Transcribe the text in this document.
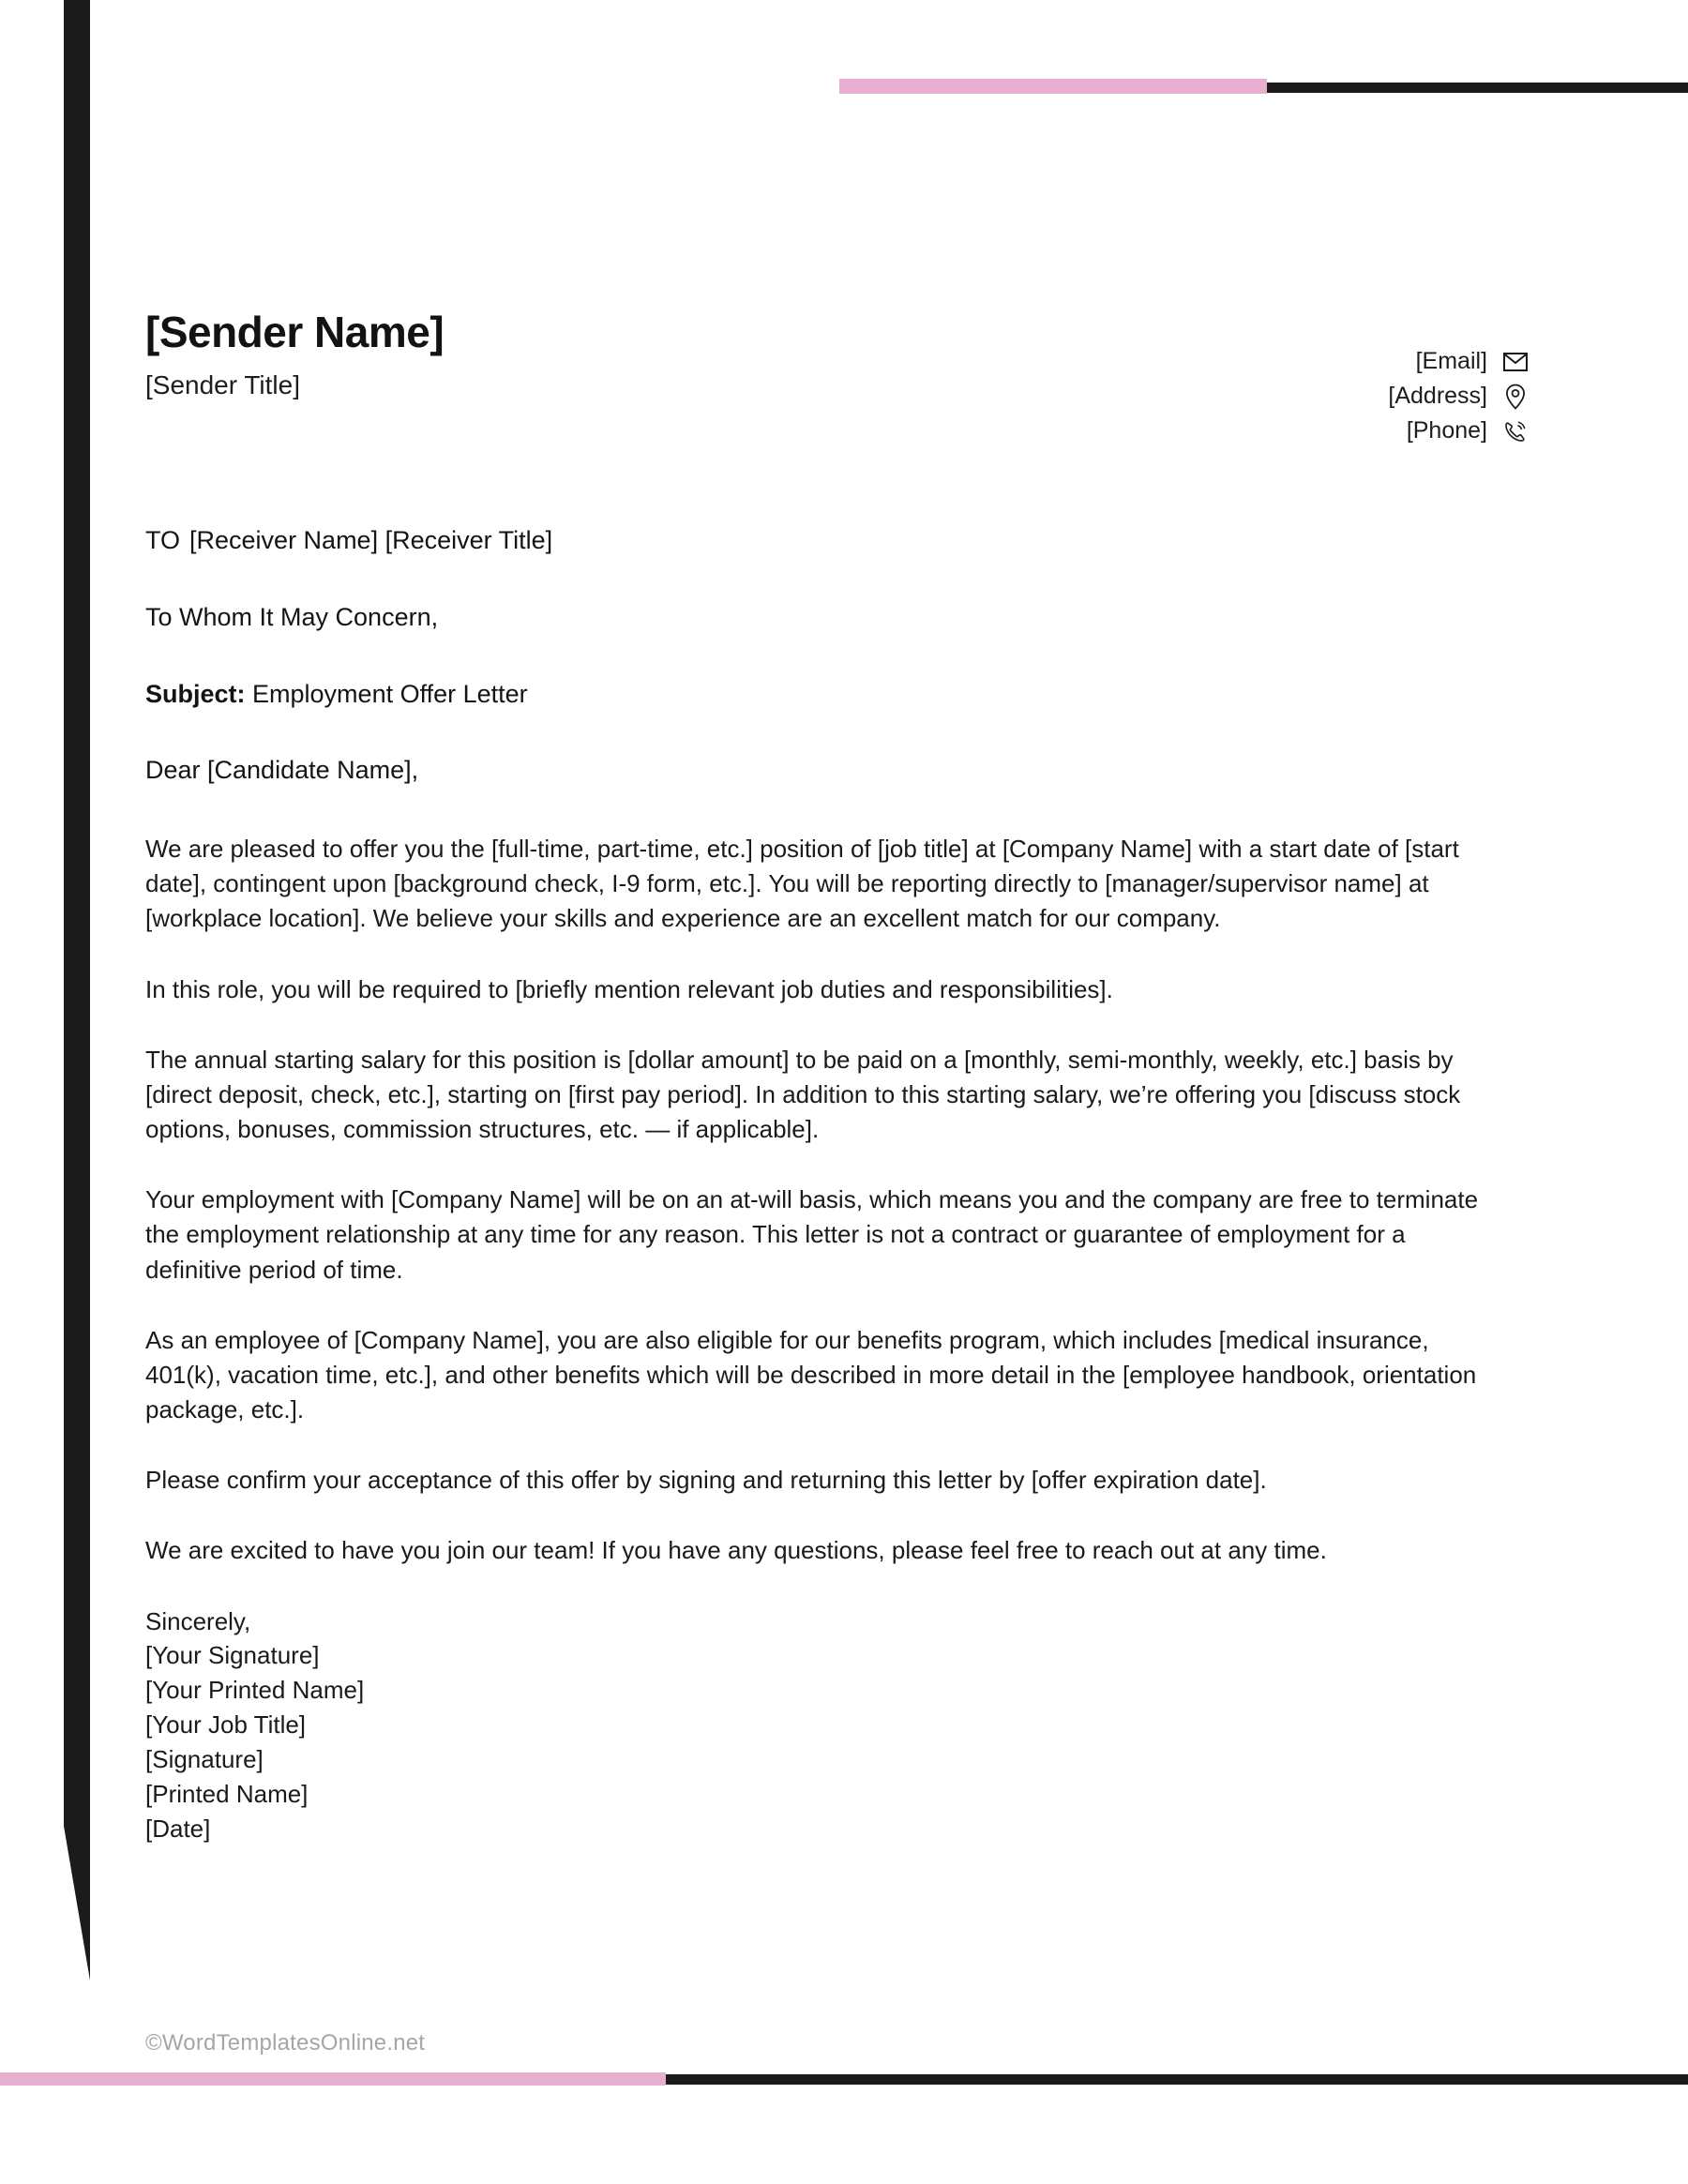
[Sender Name]
[Sender Title]
[Email]
[Address]
[Phone]
TO [Receiver Name] [Receiver Title]
To Whom It May Concern,
Subject: Employment Offer Letter
Dear [Candidate Name],

We are pleased to offer you the [full-time, part-time, etc.] position of [job title] at [Company Name] with a start date of [start date], contingent upon [background check, I-9 form, etc.]. You will be reporting directly to [manager/supervisor name] at [workplace location]. We believe your skills and experience are an excellent match for our company.

In this role, you will be required to [briefly mention relevant job duties and responsibilities].

The annual starting salary for this position is [dollar amount] to be paid on a [monthly, semi-monthly, weekly, etc.] basis by [direct deposit, check, etc.], starting on [first pay period]. In addition to this starting salary, we’re offering you [discuss stock options, bonuses, commission structures, etc. — if applicable].

Your employment with [Company Name] will be on an at-will basis, which means you and the company are free to terminate the employment relationship at any time for any reason. This letter is not a contract or guarantee of employment for a definitive period of time.

As an employee of [Company Name], you are also eligible for our benefits program, which includes [medical insurance, 401(k), vacation time, etc.], and other benefits which will be described in more detail in the [employee handbook, orientation package, etc.].

Please confirm your acceptance of this offer by signing and returning this letter by [offer expiration date].

We are excited to have you join our team! If you have any questions, please feel free to reach out at any time.

Sincerely,
[Your Signature]
[Your Printed Name]
[Your Job Title]
[Signature]
[Printed Name]
[Date]
©WordTemplatesOnline.net
